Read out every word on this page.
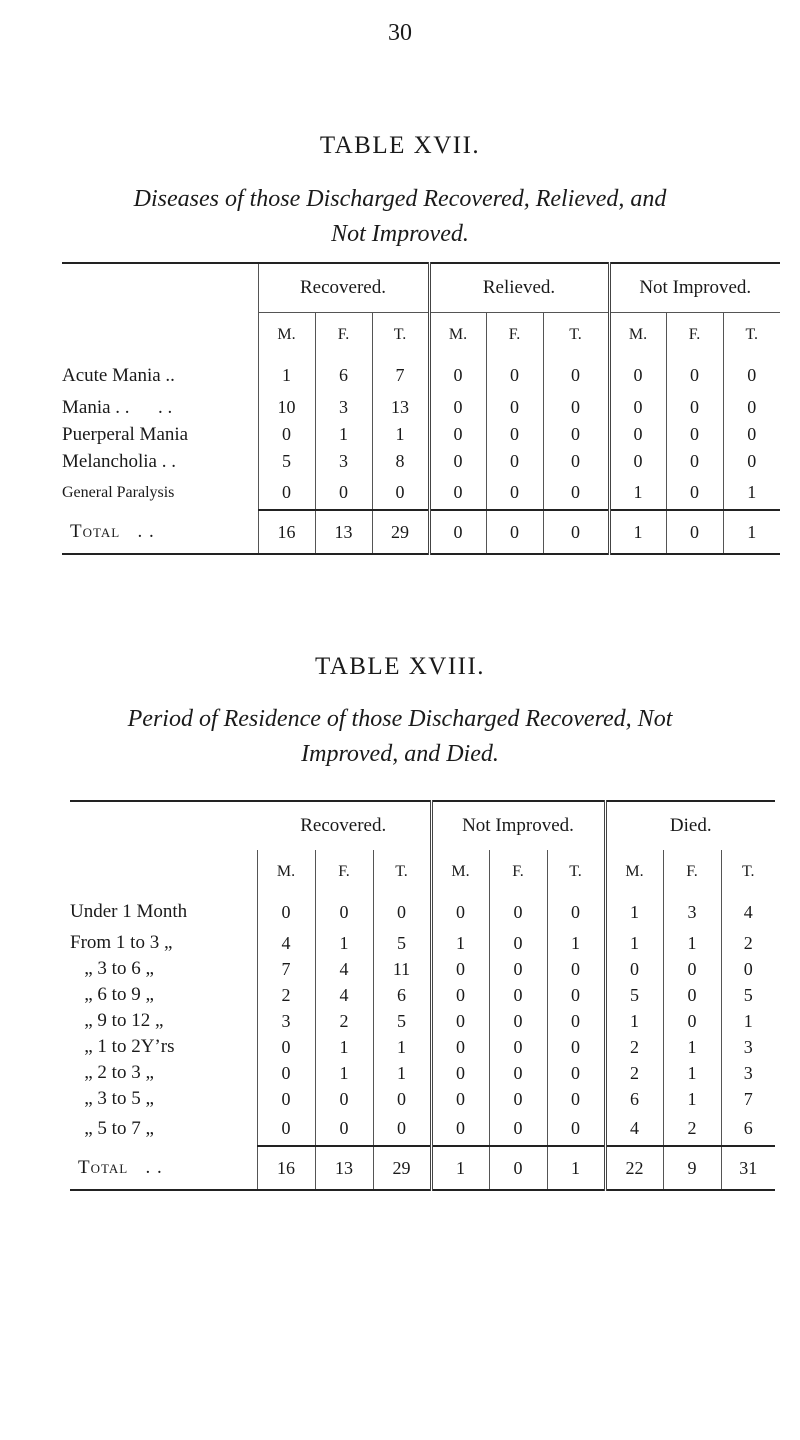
30
TABLE XVII.
Diseases of those Discharged Recovered, Relieved, and
Not Improved.
	Recovered.			Relieved.			Not Improved.		
	M.	F.	T.	M.	F.	T.	M.	F.	T.
Acute Mania ..	1	6	7	0	0	0	0	0	0
Mania . .      . .	10	3	13	0	0	0	0	0	0
Puerperal Mania	0	1	1	0	0	0	0	0	0
Melancholia . .	5	3	8	0	0	0	0	0	0
General Paralysis	0	0	0	0	0	0	1	0	1
Total   . .	16	13	29	0	0	0	1	0	1
TABLE XVIII.
Period of Residence of those Discharged Recovered, Not
Improved, and Died.
	Recovered.			Not Improved.			Died.		
	M.	F.	T.	M.	F.	T.	M.	F.	T.
Under 1 Month	0	0	0	0	0	0	1	3	4
From 1 to 3 „	4	1	5	1	0	1	1	1	2
„ 3 to 6 „	7	4	11	0	0	0	0	0	0
„ 6 to 9 „	2	4	6	0	0	0	5	0	5
„ 9 to 12 „	3	2	5	0	0	0	1	0	1
„ 1 to 2Y’rs	0	1	1	0	0	0	2	1	3
„ 2 to 3 „	0	1	1	0	0	0	2	1	3
„ 3 to 5 „	0	0	0	0	0	0	6	1	7
„ 5 to 7 „	0	0	0	0	0	0	4	2	6
Total   . .	16	13	29	1	0	1	22	9	31
